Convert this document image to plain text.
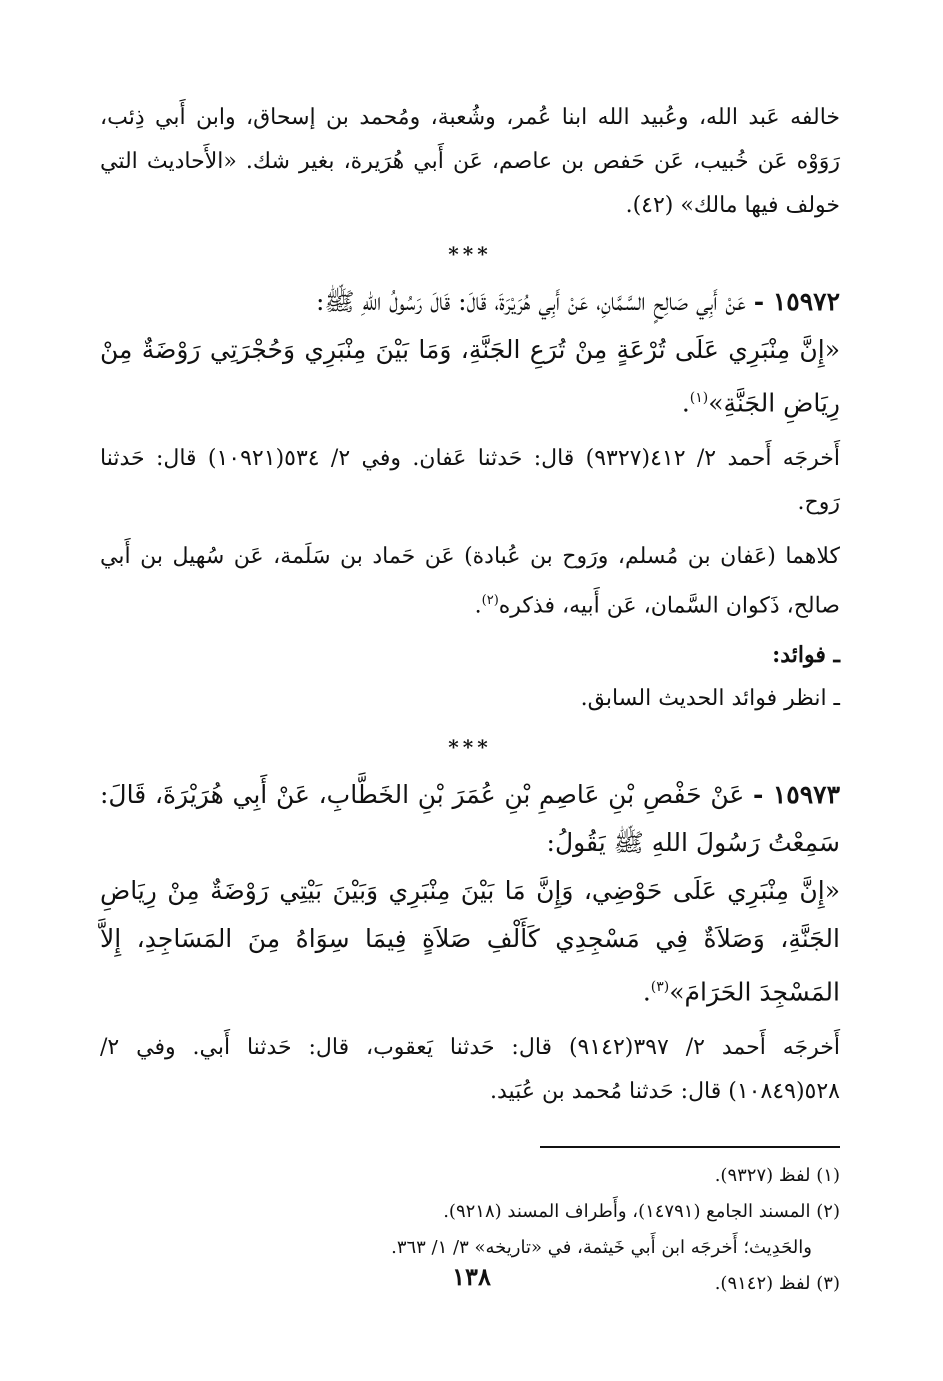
خالفه عَبد الله، وعُبيد الله ابنا عُمر، وشُعبة، ومُحمد بن إسحاق، وابن أَبي ذِئب، رَوَوْه عَن خُبيب، عَن حَفص بن عاصم، عَن أَبي هُرَيرة، بغير شك. «الأَحاديث التي خولف فيها مالك» (٤٢).

***

١٥٩٧٢ - عَنْ أَبِي صَالِحٍ السَّمَّانِ، عَنْ أَبِي هُرَيْرَةَ، قَالَ: قَالَ رَسُولُ اللهِ ﷺ:

«إِنَّ مِنْبَرِي عَلَى تُرْعَةٍ مِنْ تُرَعِ الجَنَّةِ، وَمَا بَيْنَ مِنْبَرِي وَحُجْرَتِي رَوْضَةٌ مِنْ رِيَاضِ الجَنَّةِ»$^{(١)}$.

أَخرجَه أَحمد ٢/ ٤١٢(٩٣٢٧) قال: حَدثنا عَفان. وفي ٢/ ٥٣٤(١٠٩٢١) قال: حَدثنا رَوح.

كلاهما (عَفان بن مُسلم، ورَوح بن عُبادة) عَن حَماد بن سَلَمة، عَن سُهيل بن أَبي صالح، ذَكوان السَّمان، عَن أَبيه، فذكره$^{(٢)}$.

ـ فوائد:

ـ انظر فوائد الحديث السابق.

***

١٥٩٧٣ - عَنْ حَفْصِ بْنِ عَاصِمِ بْنِ عُمَرَ بْنِ الخَطَّابِ، عَنْ أَبِي هُرَيْرَةَ، قَالَ: سَمِعْتُ رَسُولَ اللهِ ﷺ يَقُولُ:

«إِنَّ مِنْبَرِي عَلَى حَوْضِي، وَإِنَّ مَا بَيْنَ مِنْبَرِي وَبَيْنَ بَيْتِي رَوْضَةٌ مِنْ رِيَاضِ الجَنَّةِ، وَصَلاَةٌ فِي مَسْجِدِي كَأَلْفِ صَلاَةٍ فِيمَا سِوَاهُ مِنَ المَسَاجِدِ، إِلاَّ المَسْجِدَ الحَرَامَ»$^{(٣)}$.

أَخرجَه أَحمد ٢/ ٣٩٧(٩١٤٢) قال: حَدثنا يَعقوب، قال: حَدثنا أَبي. وفي ٢/ ٥٢٨(١٠٨٤٩) قال: حَدثنا مُحمد بن عُبَيد.

(١) لفظ (٩٣٢٧).
(٢) المسند الجامع (١٤٧٩١)، وأَطراف المسند (٩٢١٨).
والحَدِيث؛ أَخرجَه ابن أَبي خَيثمة، في «تاريخه» ٣/ ١/ ٣٦٣.
(٣) لفظ (٩١٤٢).
١٣٨
